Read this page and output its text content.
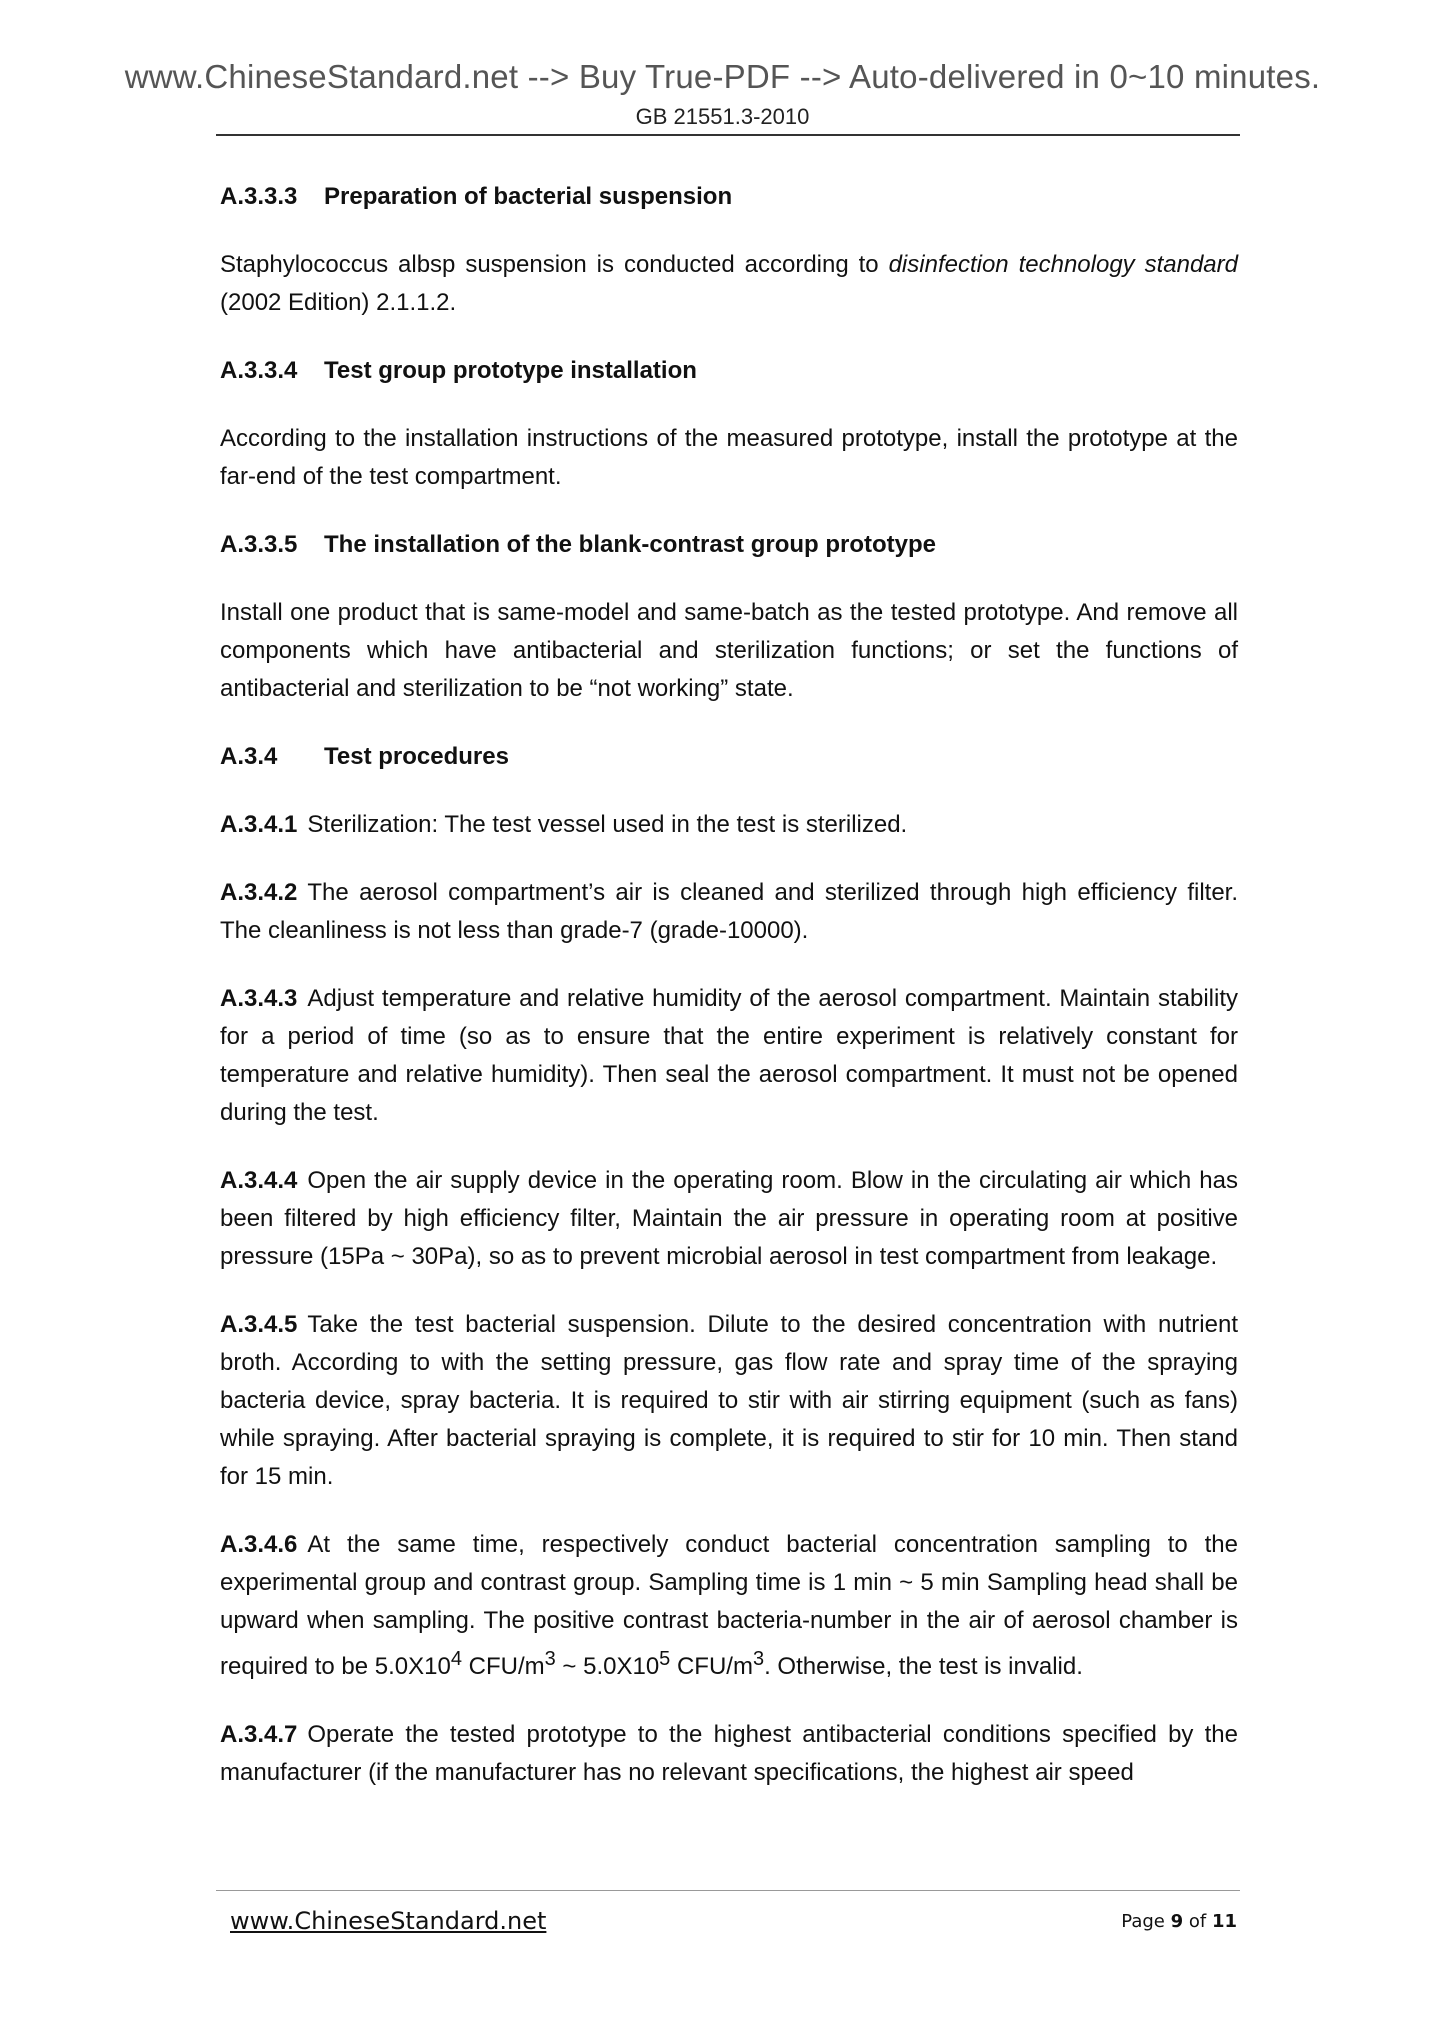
www.ChineseStandard.net --> Buy True-PDF --> Auto-delivered in 0~10 minutes.
GB 21551.3-2010
A.3.3.3 Preparation of bacterial suspension
Staphylococcus albsp suspension is conducted according to disinfection technology standard (2002 Edition) 2.1.1.2.
A.3.3.4 Test group prototype installation
According to the installation instructions of the measured prototype, install the prototype at the far-end of the test compartment.
A.3.3.5 The installation of the blank-contrast group prototype
Install one product that is same-model and same-batch as the tested prototype. And remove all components which have antibacterial and sterilization functions; or set the functions of antibacterial and sterilization to be “not working” state.
A.3.4 Test procedures
A.3.4.1 Sterilization: The test vessel used in the test is sterilized.
A.3.4.2 The aerosol compartment’s air is cleaned and sterilized through high efficiency filter. The cleanliness is not less than grade-7 (grade-10000).
A.3.4.3 Adjust temperature and relative humidity of the aerosol compartment. Maintain stability for a period of time (so as to ensure that the entire experiment is relatively constant for temperature and relative humidity). Then seal the aerosol compartment. It must not be opened during the test.
A.3.4.4 Open the air supply device in the operating room. Blow in the circulating air which has been filtered by high efficiency filter, Maintain the air pressure in operating room at positive pressure (15Pa ~ 30Pa), so as to prevent microbial aerosol in test compartment from leakage.
A.3.4.5 Take the test bacterial suspension. Dilute to the desired concentration with nutrient broth. According to with the setting pressure, gas flow rate and spray time of the spraying bacteria device, spray bacteria. It is required to stir with air stirring equipment (such as fans) while spraying. After bacterial spraying is complete, it is required to stir for 10 min. Then stand for 15 min.
A.3.4.6 At the same time, respectively conduct bacterial concentration sampling to the experimental group and contrast group. Sampling time is 1 min ~ 5 min Sampling head shall be upward when sampling. The positive contrast bacteria-number in the air of aerosol chamber is required to be $5.0X10^4$ CFU/$m^3$ ~ $5.0X10^5$ CFU/$m^3$. Otherwise, the test is invalid.
A.3.4.7 Operate the tested prototype to the highest antibacterial conditions specified by the manufacturer (if the manufacturer has no relevant specifications, the highest air speed
www.ChineseStandard.net	Page 9 of 11
